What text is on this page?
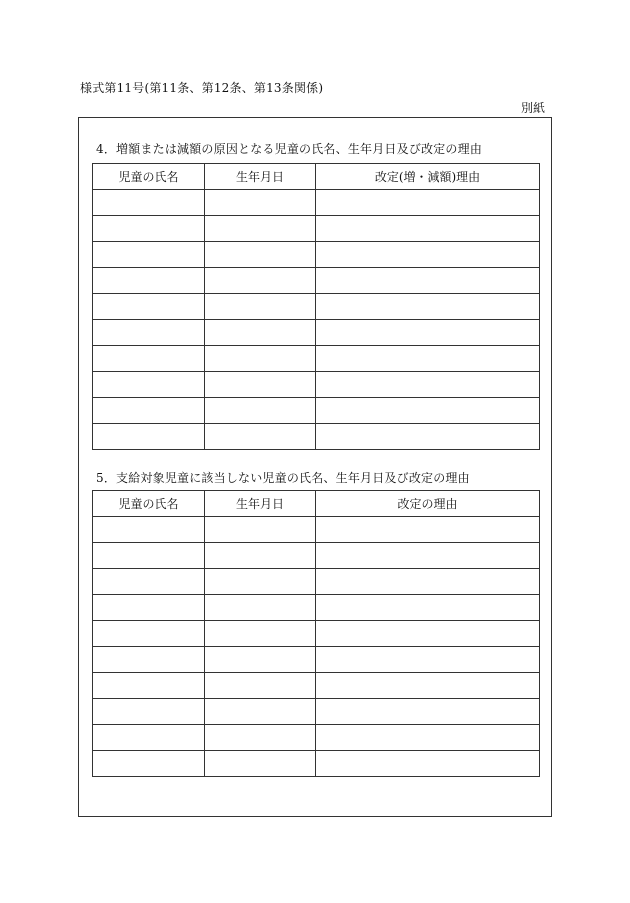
様式第11号(第11条、第12条、第13条関係)
別紙
4．増額または減額の原因となる児童の氏名、生年月日及び改定の理由
児童の氏名	生年月日	改定(増・減額)理由

5．支給対象児童に該当しない児童の氏名、生年月日及び改定の理由
児童の氏名	生年月日	改定の理由
